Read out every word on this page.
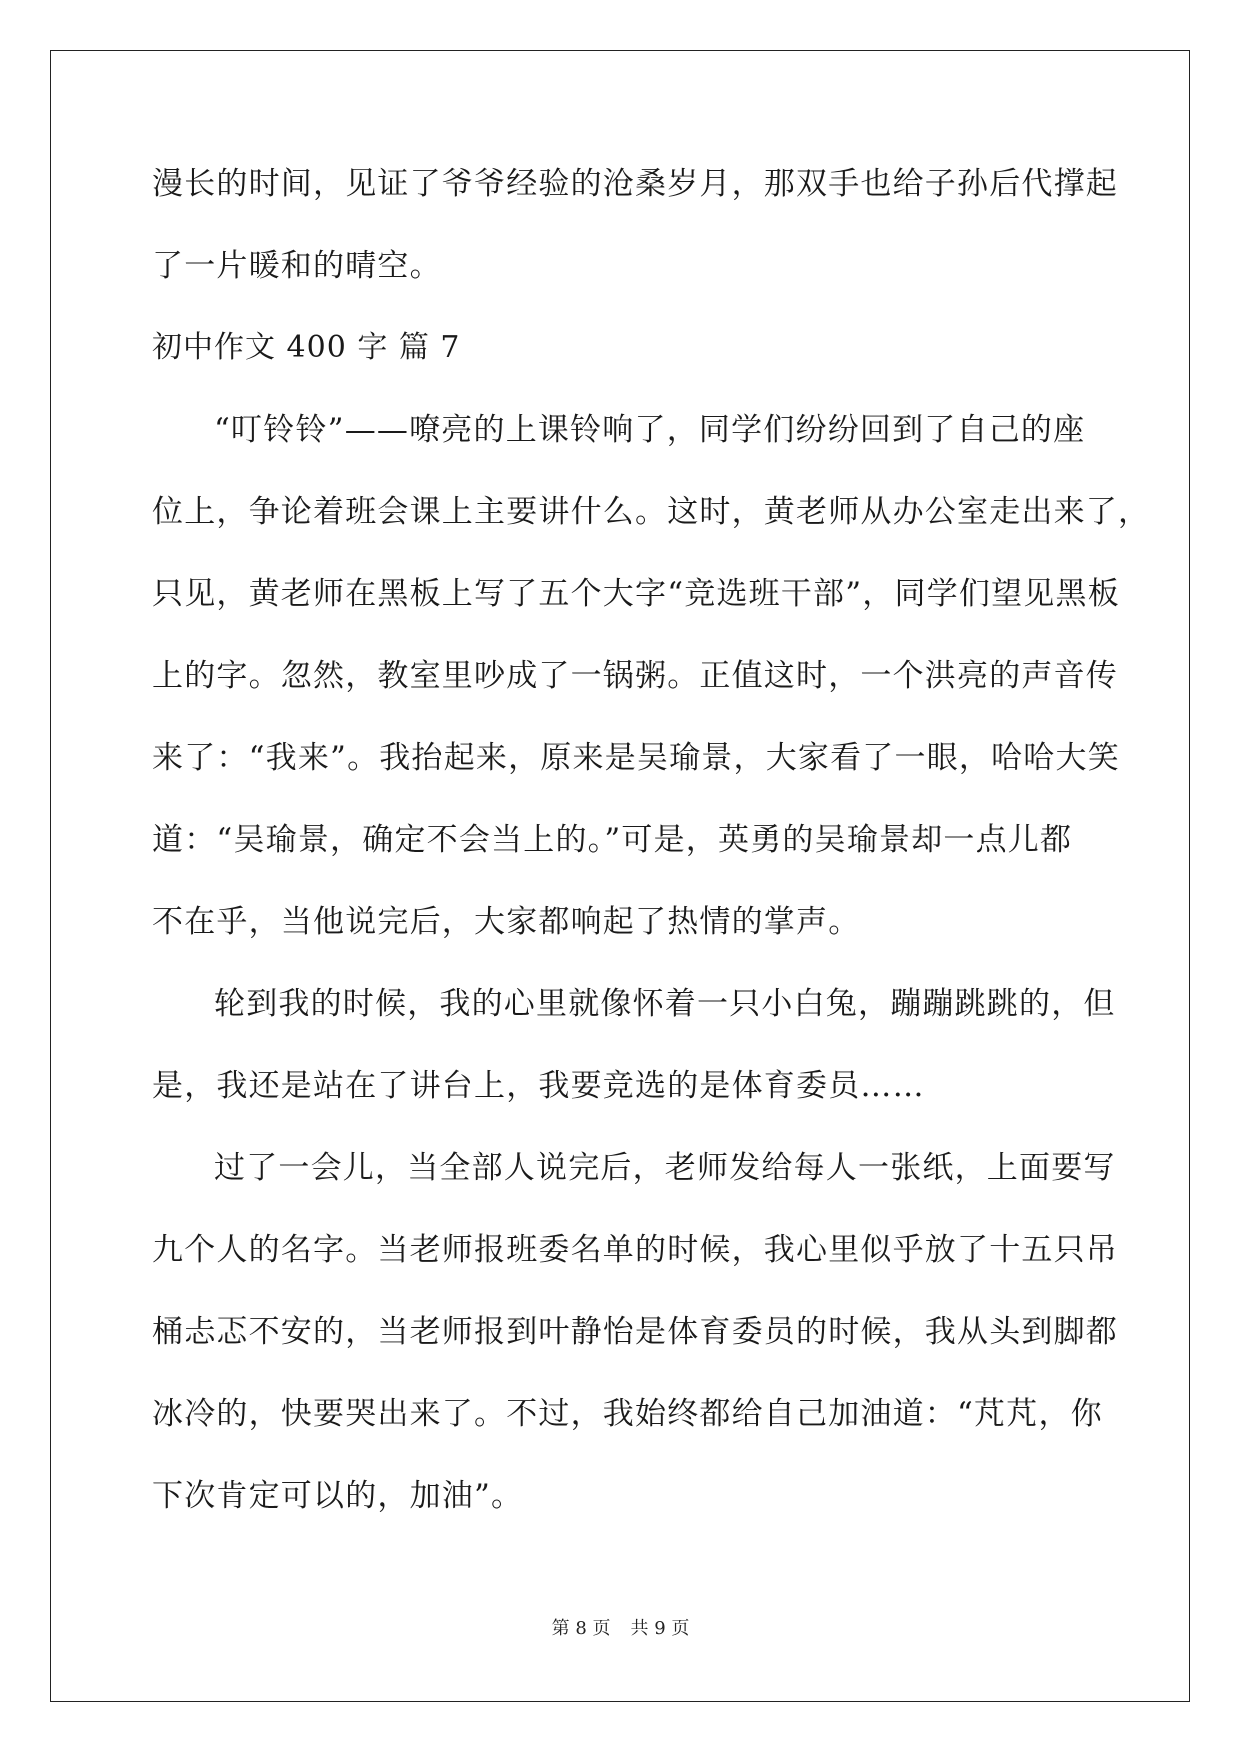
漫长的时间，见证了爷爷经验的沧桑岁月，那双手也给子孙后代撑起
了一片暖和的晴空。
初中作文 400 字 篇 7
“叮铃铃”——嘹亮的上课铃响了，同学们纷纷回到了自己的座
位上，争论着班会课上主要讲什么。这时，黄老师从办公室走出来了，
只见，黄老师在黑板上写了五个大字“竞选班干部”，同学们望见黑板
上的字。忽然，教室里吵成了一锅粥。正值这时，一个洪亮的声音传
来了：“我来”。我抬起来，原来是吴瑜景，大家看了一眼，哈哈大笑
道：“吴瑜景，确定不会当上的。”可是，英勇的吴瑜景却一点儿都
不在乎，当他说完后，大家都响起了热情的掌声。
轮到我的时候，我的心里就像怀着一只小白兔，蹦蹦跳跳的，但
是，我还是站在了讲台上，我要竞选的是体育委员……
过了一会儿，当全部人说完后，老师发给每人一张纸，上面要写
九个人的名字。当老师报班委名单的时候，我心里似乎放了十五只吊
桶忐忑不安的，当老师报到叶静怡是体育委员的时候，我从头到脚都
冰冷的，快要哭出来了。不过，我始终都给自己加油道：“芃芃，你
下次肯定可以的，加油”。
第 8 页 共 9 页
